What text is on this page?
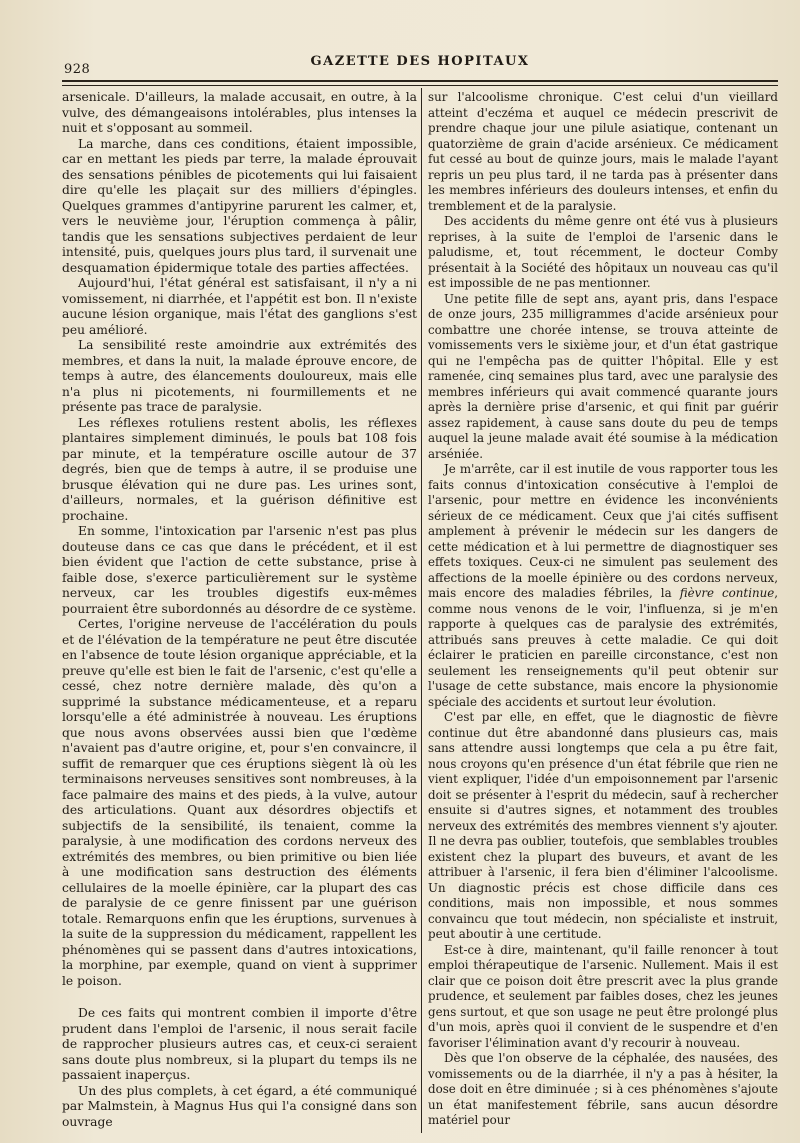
928
GAZETTE DES HOPITAUX

arsenicale. D'ailleurs, la malade accusait, en outre, à la vulve, des démangeaisons intolérables, plus intenses la nuit et s'opposant au sommeil.

La marche, dans ces conditions, étaient impossible, car en mettant les pieds par terre, la malade éprouvait des sensations pénibles de picotements qui lui faisaient dire qu'elle les plaçait sur des milliers d'épingles. Quelques grammes d'antipyrine parurent les calmer, et, vers le neuvième jour, l'éruption commença à pâlir, tandis que les sensations subjectives perdaient de leur intensité, puis, quelques jours plus tard, il survenait une desquamation épidermique totale des parties affectées.

Aujourd'hui, l'état général est satisfaisant, il n'y a ni vomissement, ni diarrhée, et l'appétit est bon. Il n'existe aucune lésion organique, mais l'état des ganglions s'est peu amélioré.

La sensibilité reste amoindrie aux extrémités des membres, et dans la nuit, la malade éprouve encore, de temps à autre, des élancements douloureux, mais elle n'a plus ni picotements, ni fourmillements et ne présente pas trace de paralysie.

Les réflexes rotuliens restent abolis, les réflexes plantaires simplement diminués, le pouls bat 108 fois par minute, et la température oscille autour de 37 degrés, bien que de temps à autre, il se produise une brusque élévation qui ne dure pas. Les urines sont, d'ailleurs, normales, et la guérison définitive est prochaine.

En somme, l'intoxication par l'arsenic n'est pas plus douteuse dans ce cas que dans le précédent, et il est bien évident que l'action de cette substance, prise à faible dose, s'exerce particulièrement sur le système nerveux, car les troubles digestifs eux-mêmes pourraient être subordonnés au désordre de ce système.

Certes, l'origine nerveuse de l'accélération du pouls et de l'élévation de la température ne peut être discutée en l'absence de toute lésion organique appréciable, et la preuve qu'elle est bien le fait de l'arsenic, c'est qu'elle a cessé, chez notre dernière malade, dès qu'on a supprimé la substance médicamenteuse, et a reparu lorsqu'elle a été administrée à nouveau. Les éruptions que nous avons observées aussi bien que l'œdème n'avaient pas d'autre origine, et, pour s'en convaincre, il suffit de remarquer que ces éruptions siègent là où les terminaisons nerveuses sensitives sont nombreuses, à la face palmaire des mains et des pieds, à la vulve, autour des articulations. Quant aux désordres objectifs et subjectifs de la sensibilité, ils tenaient, comme la paralysie, à une modification des cordons nerveux des extrémités des membres, ou bien primitive ou bien liée à une modification sans destruction des éléments cellulaires de la moelle épinière, car la plupart des cas de paralysie de ce genre finissent par une guérison totale. Remarquons enfin que les éruptions, survenues à la suite de la suppression du médicament, rappellent les phénomènes qui se passent dans d'autres intoxications, la morphine, par exemple, quand on vient à supprimer le poison.

De ces faits qui montrent combien il importe d'être prudent dans l'emploi de l'arsenic, il nous serait facile de rapprocher plusieurs autres cas, et ceux-ci seraient sans doute plus nombreux, si la plupart du temps ils ne passaient inaperçus.

Un des plus complets, à cet égard, a été communiqué par Malmstein, à Magnus Hus qui l'a consigné dans son ouvrage

sur l'alcoolisme chronique. C'est celui d'un vieillard atteint d'eczéma et auquel ce médecin prescrivit de prendre chaque jour une pilule asiatique, contenant un quatorzième de grain d'acide arsénieux. Ce médicament fut cessé au bout de quinze jours, mais le malade l'ayant repris un peu plus tard, il ne tarda pas à présenter dans les membres inférieurs des douleurs intenses, et enfin du tremblement et de la paralysie.

Des accidents du même genre ont été vus à plusieurs reprises, à la suite de l'emploi de l'arsenic dans le paludisme, et, tout récemment, le docteur Comby présentait à la Société des hôpitaux un nouveau cas qu'il est impossible de ne pas mentionner.

Une petite fille de sept ans, ayant pris, dans l'espace de onze jours, 235 milligrammes d'acide arsénieux pour combattre une chorée intense, se trouva atteinte de vomissements vers le sixième jour, et d'un état gastrique qui ne l'empêcha pas de quitter l'hôpital. Elle y est ramenée, cinq semaines plus tard, avec une paralysie des membres inférieurs qui avait commencé quarante jours après la dernière prise d'arsenic, et qui finit par guérir assez rapidement, à cause sans doute du peu de temps auquel la jeune malade avait été soumise à la médication arséniée.

Je m'arrête, car il est inutile de vous rapporter tous les faits connus d'intoxication consécutive à l'emploi de l'arsenic, pour mettre en évidence les inconvénients sérieux de ce médicament. Ceux que j'ai cités suffisent amplement à prévenir le médecin sur les dangers de cette médication et à lui permettre de diagnostiquer ses effets toxiques. Ceux-ci ne simulent pas seulement des affections de la moelle épinière ou des cordons nerveux, mais encore des maladies fébriles, la fièvre continue, comme nous venons de le voir, l'influenza, si je m'en rapporte à quelques cas de paralysie des extrémités, attribués sans preuves à cette maladie. Ce qui doit éclairer le praticien en pareille circonstance, c'est non seulement les renseignements qu'il peut obtenir sur l'usage de cette substance, mais encore la physionomie spéciale des accidents et surtout leur évolution.

C'est par elle, en effet, que le diagnostic de fièvre continue dut être abandonné dans plusieurs cas, mais sans attendre aussi longtemps que cela a pu être fait, nous croyons qu'en présence d'un état fébrile que rien ne vient expliquer, l'idée d'un empoisonnement par l'arsenic doit se présenter à l'esprit du médecin, sauf à rechercher ensuite si d'autres signes, et notamment des troubles nerveux des extrémités des membres viennent s'y ajouter. Il ne devra pas oublier, toutefois, que semblables troubles existent chez la plupart des buveurs, et avant de les attribuer à l'arsenic, il fera bien d'éliminer l'alcoolisme. Un diagnostic précis est chose difficile dans ces conditions, mais non impossible, et nous sommes convaincu que tout médecin, non spécialiste et instruit, peut aboutir à une certitude.

Est-ce à dire, maintenant, qu'il faille renoncer à tout emploi thérapeutique de l'arsenic. Nullement. Mais il est clair que ce poison doit être prescrit avec la plus grande prudence, et seulement par faibles doses, chez les jeunes gens surtout, et que son usage ne peut être prolongé plus d'un mois, après quoi il convient de le suspendre et d'en favoriser l'élimination avant d'y recourir à nouveau.

Dès que l'on observe de la céphalée, des nausées, des vomissements ou de la diarrhée, il n'y a pas à hésiter, la dose doit en être diminuée ; si à ces phénomènes s'ajoute un état manifestement fébrile, sans aucun désordre matériel pour
